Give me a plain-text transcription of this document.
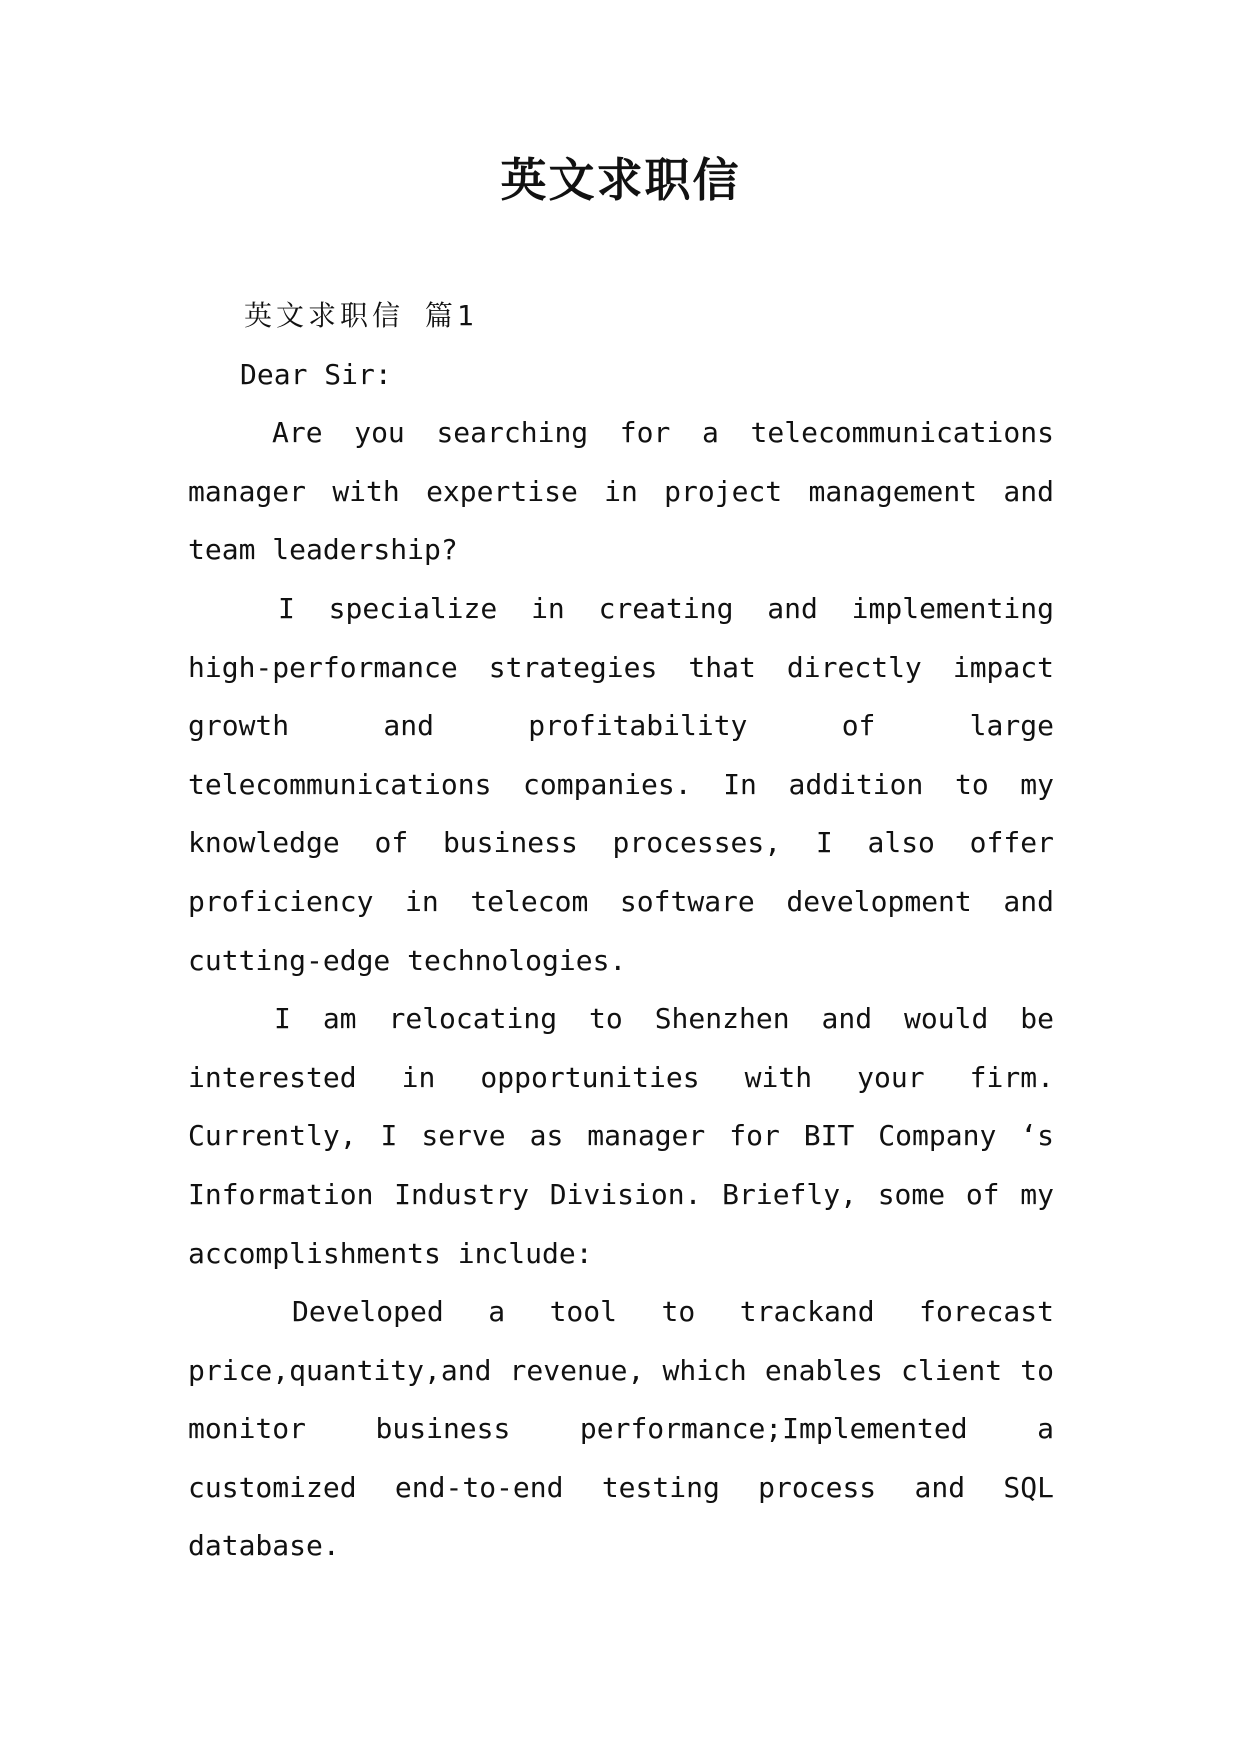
英文求职信
英文求职信 篇1
Dear Sir:
Are you searching for a telecommunications
manager with expertise in project management and
team leadership?
I specialize in creating and implementing
high-performance strategies that directly impact
growth	and	profitability	of	large
telecommunications companies. In addition to my
knowledge of business processes, I also offer
proficiency in telecom software development and
cutting-edge technologies.
I am relocating to Shenzhen and would be
interested in opportunities with your firm.
Currently, I serve as manager for BIT Company ‘s
Information Industry Division. Briefly, some of my
accomplishments include:
Developed a tool to trackand forecast
price,quantity,and revenue, which enables client to
monitor business performance;Implemented a
customized end-to-end testing process and SQL
database.
